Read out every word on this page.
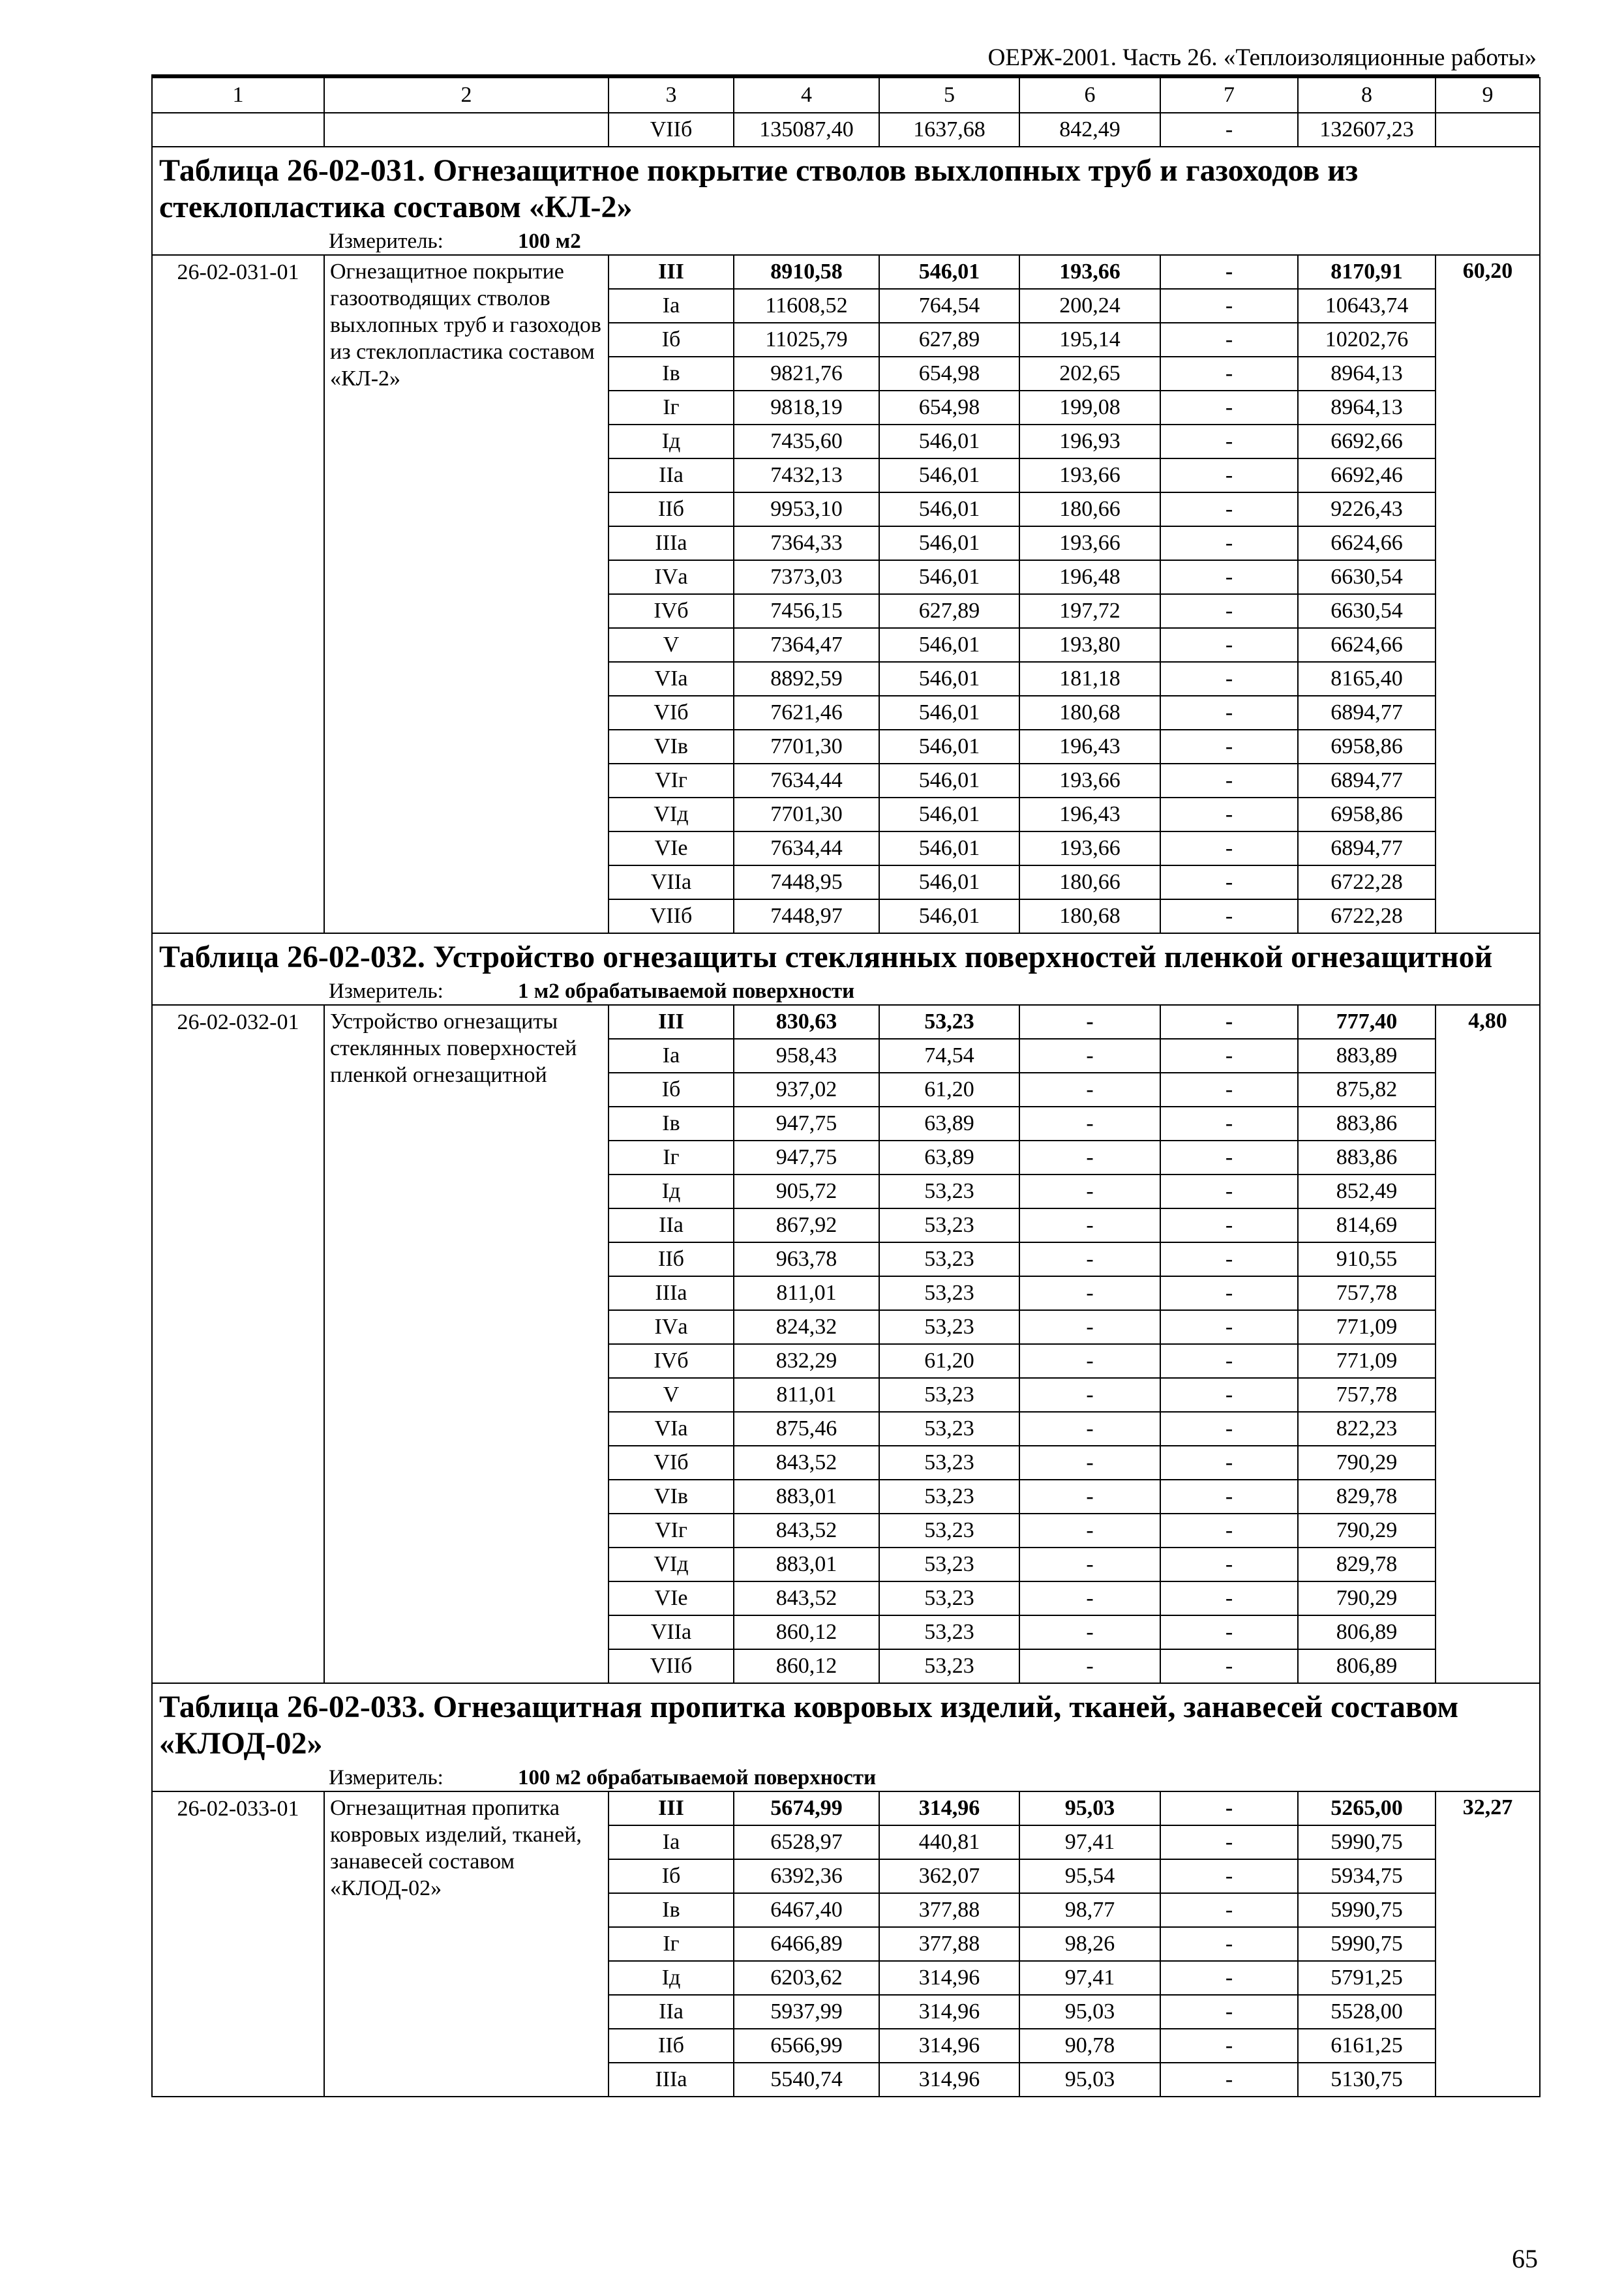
ОЕРЖ-2001. Часть 26. «Теплоизоляционные работы»
1	2	3	4	5	6	7	8	9
		VIIб	135087,40	1637,68	842,49	-	132607,23	

Таблица 26-02-031. Огнезащитное покрытие стволов выхлопных труб и газоходов из стеклопластика составом «КЛ-2»
Измеритель: 100 м2								

26-02-031-01	Огнезащитное покрытие газоотводящих стволов выхлопных труб и газоходов из стеклопластика составом «КЛ-2»	III	8910,58	546,01	193,66	-	8170,91	60,20
		Iа	11608,52	764,54	200,24	-	10643,74	
		Iб	11025,79	627,89	195,14	-	10202,76	
		Iв	9821,76	654,98	202,65	-	8964,13	
		Iг	9818,19	654,98	199,08	-	8964,13	
		Iд	7435,60	546,01	196,93	-	6692,66	
		IIа	7432,13	546,01	193,66	-	6692,46	
		IIб	9953,10	546,01	180,66	-	9226,43	
		IIIа	7364,33	546,01	193,66	-	6624,66	
		IVа	7373,03	546,01	196,48	-	6630,54	
		IVб	7456,15	627,89	197,72	-	6630,54	
		V	7364,47	546,01	193,80	-	6624,66	
		VIа	8892,59	546,01	181,18	-	8165,40	
		VIб	7621,46	546,01	180,68	-	6894,77	
		VIв	7701,30	546,01	196,43	-	6958,86	
		VIг	7634,44	546,01	193,66	-	6894,77	
		VIд	7701,30	546,01	196,43	-	6958,86	
		VIе	7634,44	546,01	193,66	-	6894,77	
		VIIа	7448,95	546,01	180,66	-	6722,28	
		VIIб	7448,97	546,01	180,68	-	6722,28	

Таблица 26-02-032. Устройство огнезащиты стеклянных поверхностей пленкой огнезащитной
Измеритель: 1 м2 обрабатываемой поверхности								

26-02-032-01	Устройство огнезащиты стеклянных поверхностей пленкой огнезащитной	III	830,63	53,23	-	-	777,40	4,80
		Iа	958,43	74,54	-	-	883,89	
		Iб	937,02	61,20	-	-	875,82	
		Iв	947,75	63,89	-	-	883,86	
		Iг	947,75	63,89	-	-	883,86	
		Iд	905,72	53,23	-	-	852,49	
		IIа	867,92	53,23	-	-	814,69	
		IIб	963,78	53,23	-	-	910,55	
		IIIа	811,01	53,23	-	-	757,78	
		IVа	824,32	53,23	-	-	771,09	
		IVб	832,29	61,20	-	-	771,09	
		V	811,01	53,23	-	-	757,78	
		VIа	875,46	53,23	-	-	822,23	
		VIб	843,52	53,23	-	-	790,29	
		VIв	883,01	53,23	-	-	829,78	
		VIг	843,52	53,23	-	-	790,29	
		VIд	883,01	53,23	-	-	829,78	
		VIе	843,52	53,23	-	-	790,29	
		VIIа	860,12	53,23	-	-	806,89	
		VIIб	860,12	53,23	-	-	806,89	

Таблица 26-02-033. Огнезащитная пропитка ковровых изделий, тканей, занавесей составом «КЛОД-02»
Измеритель: 100 м2 обрабатываемой поверхности								

26-02-033-01	Огнезащитная пропитка ковровых изделий, тканей, занавесей составом «КЛОД-02»	III	5674,99	314,96	95,03	-	5265,00	32,27
		Iа	6528,97	440,81	97,41	-	5990,75	
		Iб	6392,36	362,07	95,54	-	5934,75	
		Iв	6467,40	377,88	98,77	-	5990,75	
		Iг	6466,89	377,88	98,26	-	5990,75	
		Iд	6203,62	314,96	97,41	-	5791,25	
		IIа	5937,99	314,96	95,03	-	5528,00	
		IIб	6566,99	314,96	90,78	-	6161,25	
		IIIа	5540,74	314,96	95,03	-	5130,75	
65
